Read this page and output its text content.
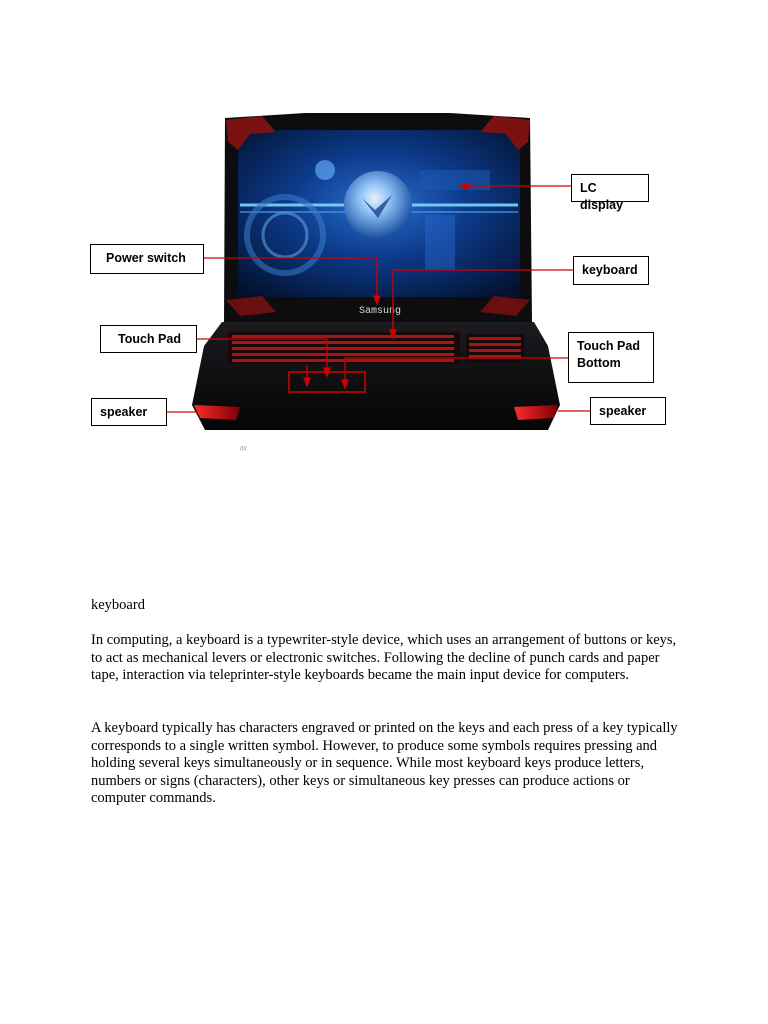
Samsung
LC display
Power switch
keyboard
Touch Pad	Touch Pad
Bottom
speaker	speaker
////
keyboard

In computing, a keyboard is a typewriter-style device, which uses an arrangement of buttons or keys, to act as mechanical levers or electronic switches. Following the decline of punch cards and paper tape, interaction via teleprinter-style keyboards became the main input device for computers.

A keyboard typically has characters engraved or printed on the keys and each press of a key typically corresponds to a single written symbol. However, to produce some symbols requires pressing and holding several keys simultaneously or in sequence. While most keyboard keys produce letters, numbers or signs (characters), other keys or simultaneous key presses can produce actions or computer commands.
